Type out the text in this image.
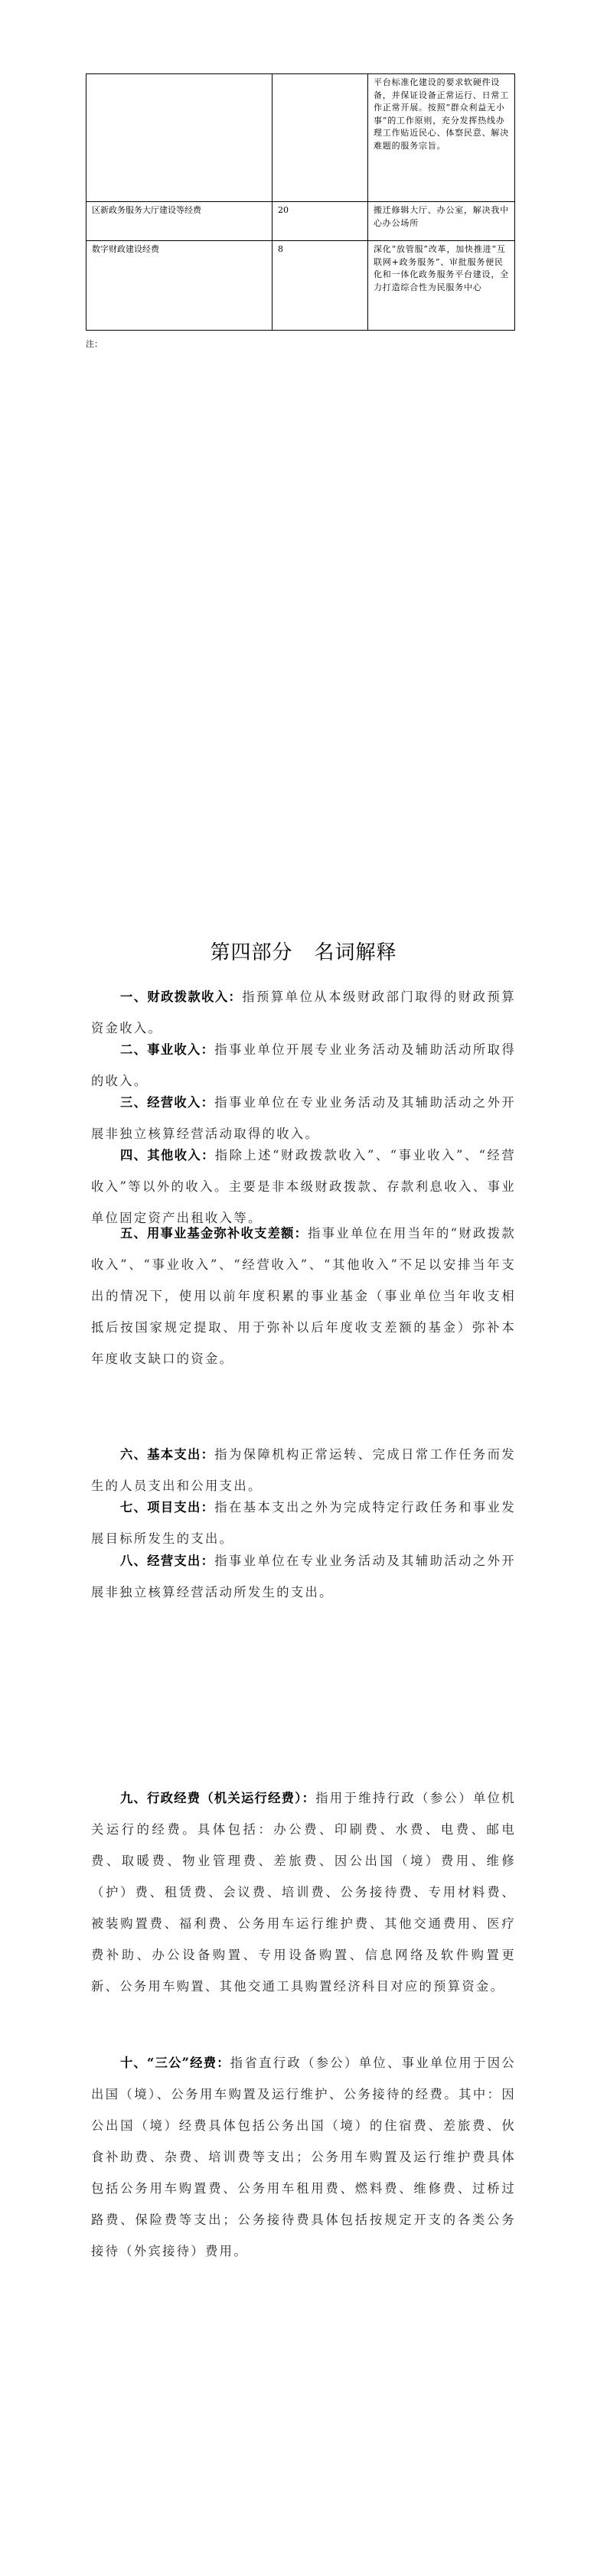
		平台标准化建设的要求软硬件设备，并保证设备正常运行、日常工作正常开展。按照“群众利益无小事”的工作原则，充分发挥热线办理工作贴近民心、体察民意、解决难题的服务宗旨。
区新政务服务大厅建设等经费	20	搬迁修辑大厅、办公室，解决我中心办公场所
数字财政建设经费	8	深化“放管服”改革，加快推进“互联网+政务服务”、审批服务便民化和一体化政务服务平台建设，全力打造综合性为民服务中心
注：
第四部分 名词解释
一、财政拨款收入：指预算单位从本级财政部门取得的财政预算资金收入。
二、事业收入：指事业单位开展专业业务活动及辅助活动所取得的收入。
三、经营收入：指事业单位在专业业务活动及其辅助活动之外开展非独立核算经营活动取得的收入。
四、其他收入：指除上述“财政拨款收入”、“事业收入”、“经营收入”等以外的收入。主要是非本级财政拨款、存款利息收入、事业单位固定资产出租收入等。
五、用事业基金弥补收支差额：指事业单位在用当年的“财政拨款收入”、“事业收入”、“经营收入”、“其他收入”不足以安排当年支出的情况下，使用以前年度积累的事业基金（事业单位当年收支相抵后按国家规定提取、用于弥补以后年度收支差额的基金）弥补本年度收支缺口的资金。
六、基本支出：指为保障机构正常运转、完成日常工作任务而发生的人员支出和公用支出。
七、项目支出：指在基本支出之外为完成特定行政任务和事业发展目标所发生的支出。
八、经营支出：指事业单位在专业业务活动及其辅助活动之外开展非独立核算经营活动所发生的支出。
九、行政经费（机关运行经费）：指用于维持行政（参公）单位机关运行的经费。具体包括：办公费、印刷费、水费、电费、邮电费、取暖费、物业管理费、差旅费、因公出国（境）费用、维修（护）费、租赁费、会议费、培训费、公务接待费、专用材料费、被装购置费、福利费、公务用车运行维护费、其他交通费用、医疗费补助、办公设备购置、专用设备购置、信息网络及软件购置更新、公务用车购置、其他交通工具购置经济科目对应的预算资金。
十、“三公”经费：指省直行政（参公）单位、事业单位用于因公出国（境）、公务用车购置及运行维护、公务接待的经费。其中：因公出国（境）经费具体包括公务出国（境）的住宿费、差旅费、伙食补助费、杂费、培训费等支出；公务用车购置及运行维护费具体包括公务用车购置费、公务用车租用费、燃料费、维修费、过桥过路费、保险费等支出；公务接待费具体包括按规定开支的各类公务接待（外宾接待）费用。
